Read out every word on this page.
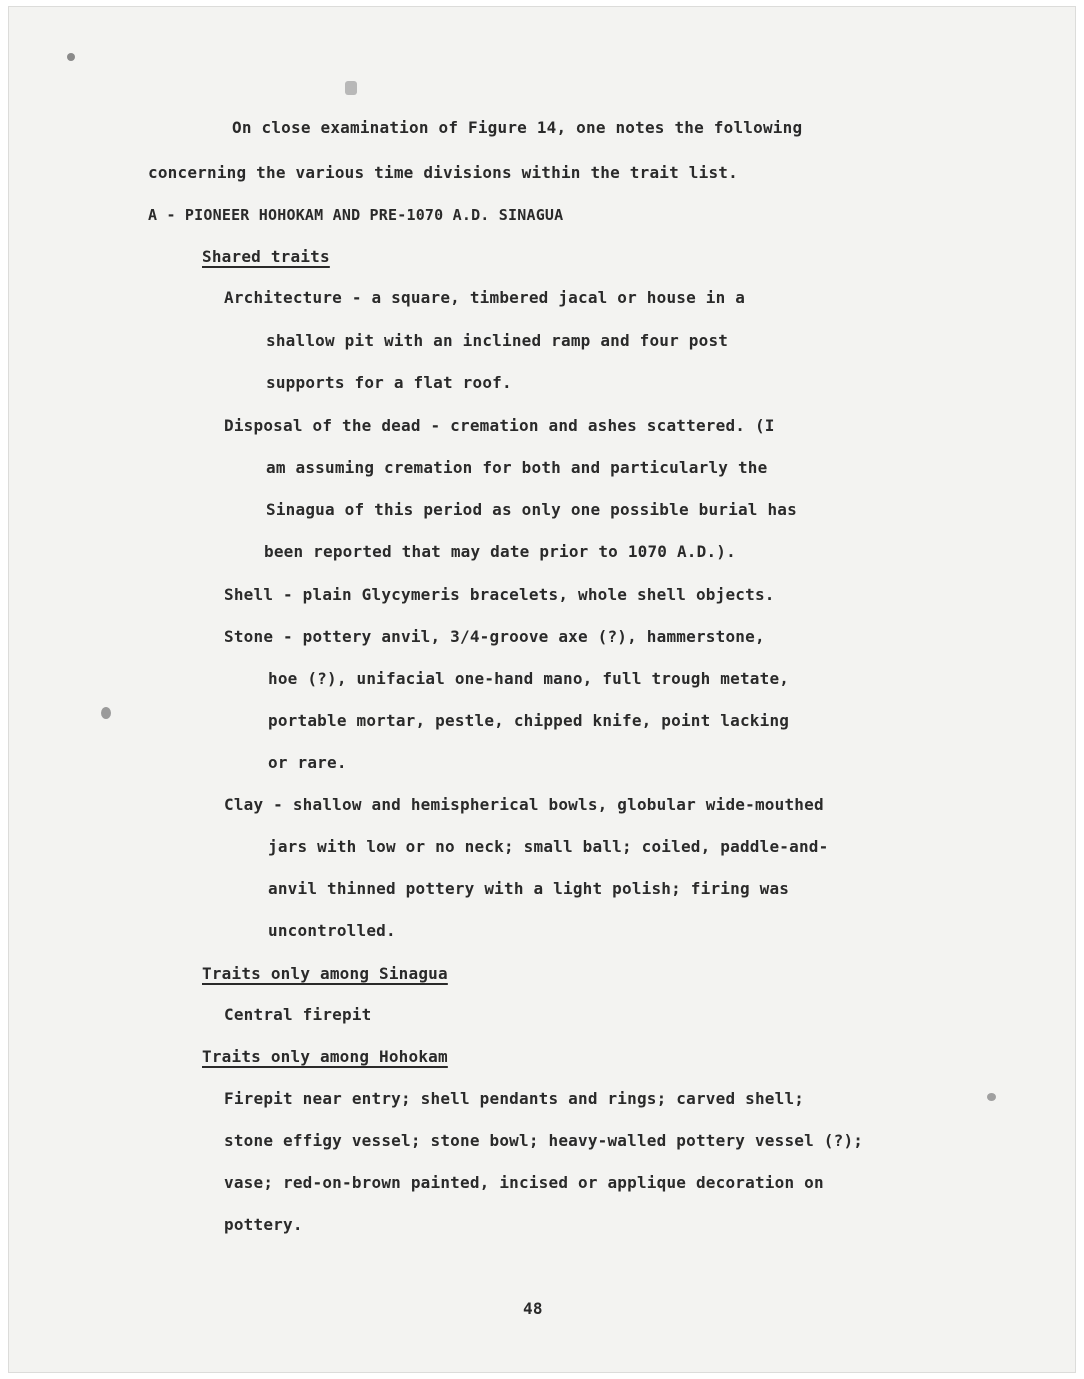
On close examination of Figure 14, one notes the following
concerning the various time divisions within the trait list.
A - PIONEER HOHOKAM AND PRE-1070 A.D. SINAGUA
Shared traits
Architecture - a square, timbered jacal or house in a
shallow pit with an inclined ramp and four post
supports for a flat roof.
Disposal of the dead - cremation and ashes scattered. (I
am assuming cremation for both and particularly the
Sinagua of this period as only one possible burial has
been reported that may date prior to 1070 A.D.).
Shell - plain Glycymeris bracelets, whole shell objects.
Stone - pottery anvil, 3/4-groove axe (?), hammerstone,
hoe (?), unifacial one-hand mano, full trough metate,
portable mortar, pestle, chipped knife, point lacking
or rare.
Clay - shallow and hemispherical bowls, globular wide-mouthed
jars with low or no neck; small ball; coiled, paddle-and-
anvil thinned pottery with a light polish; firing was
uncontrolled.
Traits only among Sinagua
Central firepit
Traits only among Hohokam
Firepit near entry; shell pendants and rings; carved shell;
stone effigy vessel; stone bowl; heavy-walled pottery vessel (?);
vase; red-on-brown painted, incised or applique decoration on
pottery.
48
